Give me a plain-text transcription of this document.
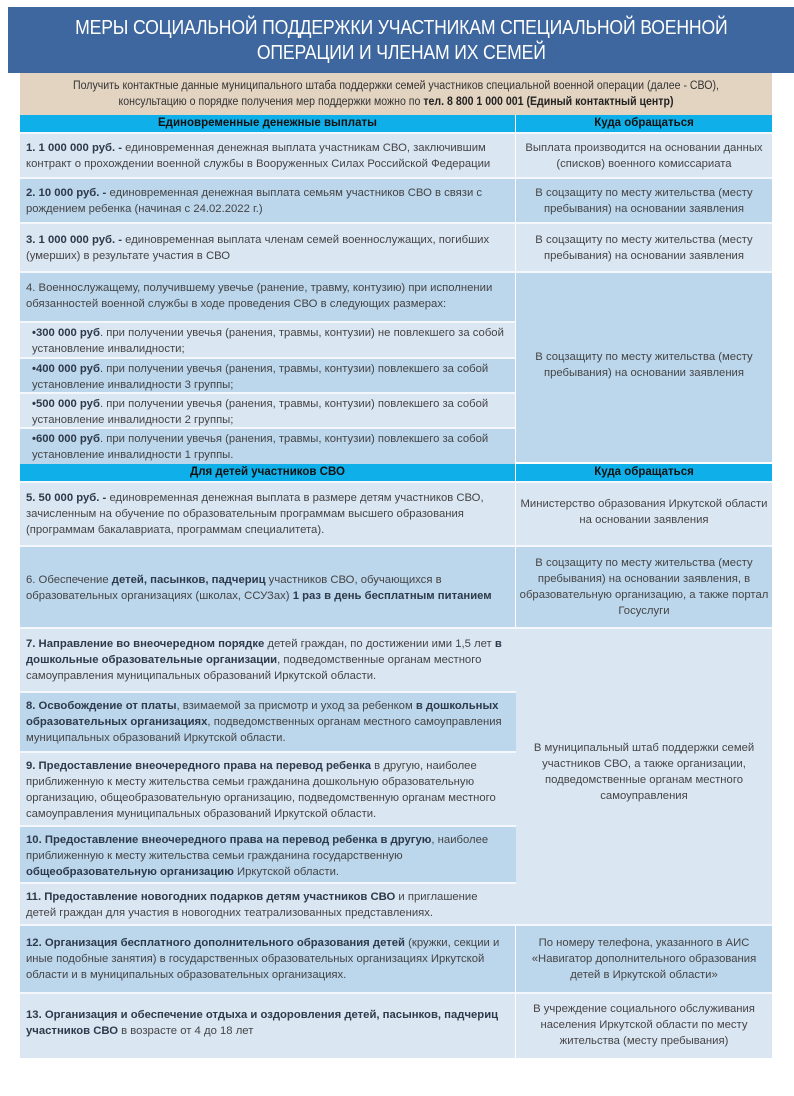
МЕРЫ СОЦИАЛЬНОЙ ПОДДЕРЖКИ УЧАСТНИКАМ СПЕЦИАЛЬНОЙ ВОЕННОЙ
ОПЕРАЦИИ И ЧЛЕНАМ ИХ СЕМЕЙ
Получить контактные данные муниципального штаба поддержки семей участников специальной военной операции (далее - СВО),
консультацию о порядке получения мер поддержки можно по тел. 8 800 1 000 001 (Единый контактный центр)
Единовременные денежные выплаты	Куда обращаться
1. 1 000 000 руб. - единовременная денежная выплата участникам СВО, заключившим контракт о прохождении военной службы в Вооруженных Силах Российской Федерации
Выплата производится на основании данных (списков) военного комиссариата
2. 10 000 руб. - единовременная денежная выплата семьям участников СВО в связи с рождением ребенка (начиная с 24.02.2022 г.)
В соцзащиту по месту жительства (месту пребывания) на основании заявления
3. 1 000 000 руб. - единовременная выплата членам семей военнослужащих, погибших (умерших) в результате участия в СВО
В соцзащиту по месту жительства (месту пребывания) на основании заявления
4. Военнослужащему, получившему увечье (ранение, травму, контузию) при исполнении обязанностей военной службы в ходе проведения СВО в следующих размерах:
•300 000 руб. при получении увечья (ранения, травмы, контузии) не повлекшего за собой установление инвалидности;
•400 000 руб. при получении увечья (ранения, травмы, контузии) повлекшего за собой установление инвалидности 3 группы;
•500 000 руб. при получении увечья (ранения, травмы, контузии) повлекшего за собой установление инвалидности 2 группы;
•600 000 руб. при получении увечья (ранения, травмы, контузии) повлекшего за собой установление инвалидности 1 группы.
В соцзащиту по месту жительства (месту пребывания) на основании заявления
Для детей участников СВО	Куда обращаться
5. 50 000 руб. - единовременная денежная выплата в размере детям участников СВО, зачисленным на обучение по образовательным программам высшего образования (программам бакалавриата, программам специалитета).
Министерство образования Иркутской области на основании заявления
6. Обеспечение детей, пасынков, падчериц участников СВО, обучающихся в образовательных организациях (школах, ССУЗах) 1 раз в день бесплатным питанием
В соцзащиту по месту жительства (месту пребывания) на основании заявления, в образовательную организацию, а также портал Госуслуги
7. Направление во внеочередном порядке детей граждан, по достижении ими 1,5 лет в дошкольные образовательные организации, подведомственные органам местного самоуправления муниципальных образований Иркутской области.
8. Освобождение от платы, взимаемой за присмотр и уход за ребенком в дошкольных образовательных организациях, подведомственных органам местного самоуправления муниципальных образований Иркутской области.
9. Предоставление внеочередного права на перевод ребенка в другую, наиболее приближенную к месту жительства семьи гражданина дошкольную образовательную организацию, общеобразовательную организацию, подведомственную органам местного самоуправления муниципальных образований Иркутской области.
10. Предоставление внеочередного права на перевод ребенка в другую, наиболее приближенную к месту жительства семьи гражданина государственную общеобразовательную организацию Иркутской области.
11. Предоставление новогодних подарков детям участников СВО и приглашение детей граждан для участия в новогодних театрализованных представлениях.
В муниципальный штаб поддержки семей участников СВО, а также организации, подведомственные органам местного самоуправления
12. Организация бесплатного дополнительного образования детей (кружки, секции и иные подобные занятия) в государственных образовательных организациях Иркутской области и в муниципальных образовательных организациях.
По номеру телефона, указанного в АИС «Навигатор дополнительного образования детей в Иркутской области»
13. Организация и обеспечение отдыха и оздоровления детей, пасынков, падчериц участников СВО в возрасте от 4 до 18 лет
В учреждение социального обслуживания населения Иркутской области по месту жительства (месту пребывания)
